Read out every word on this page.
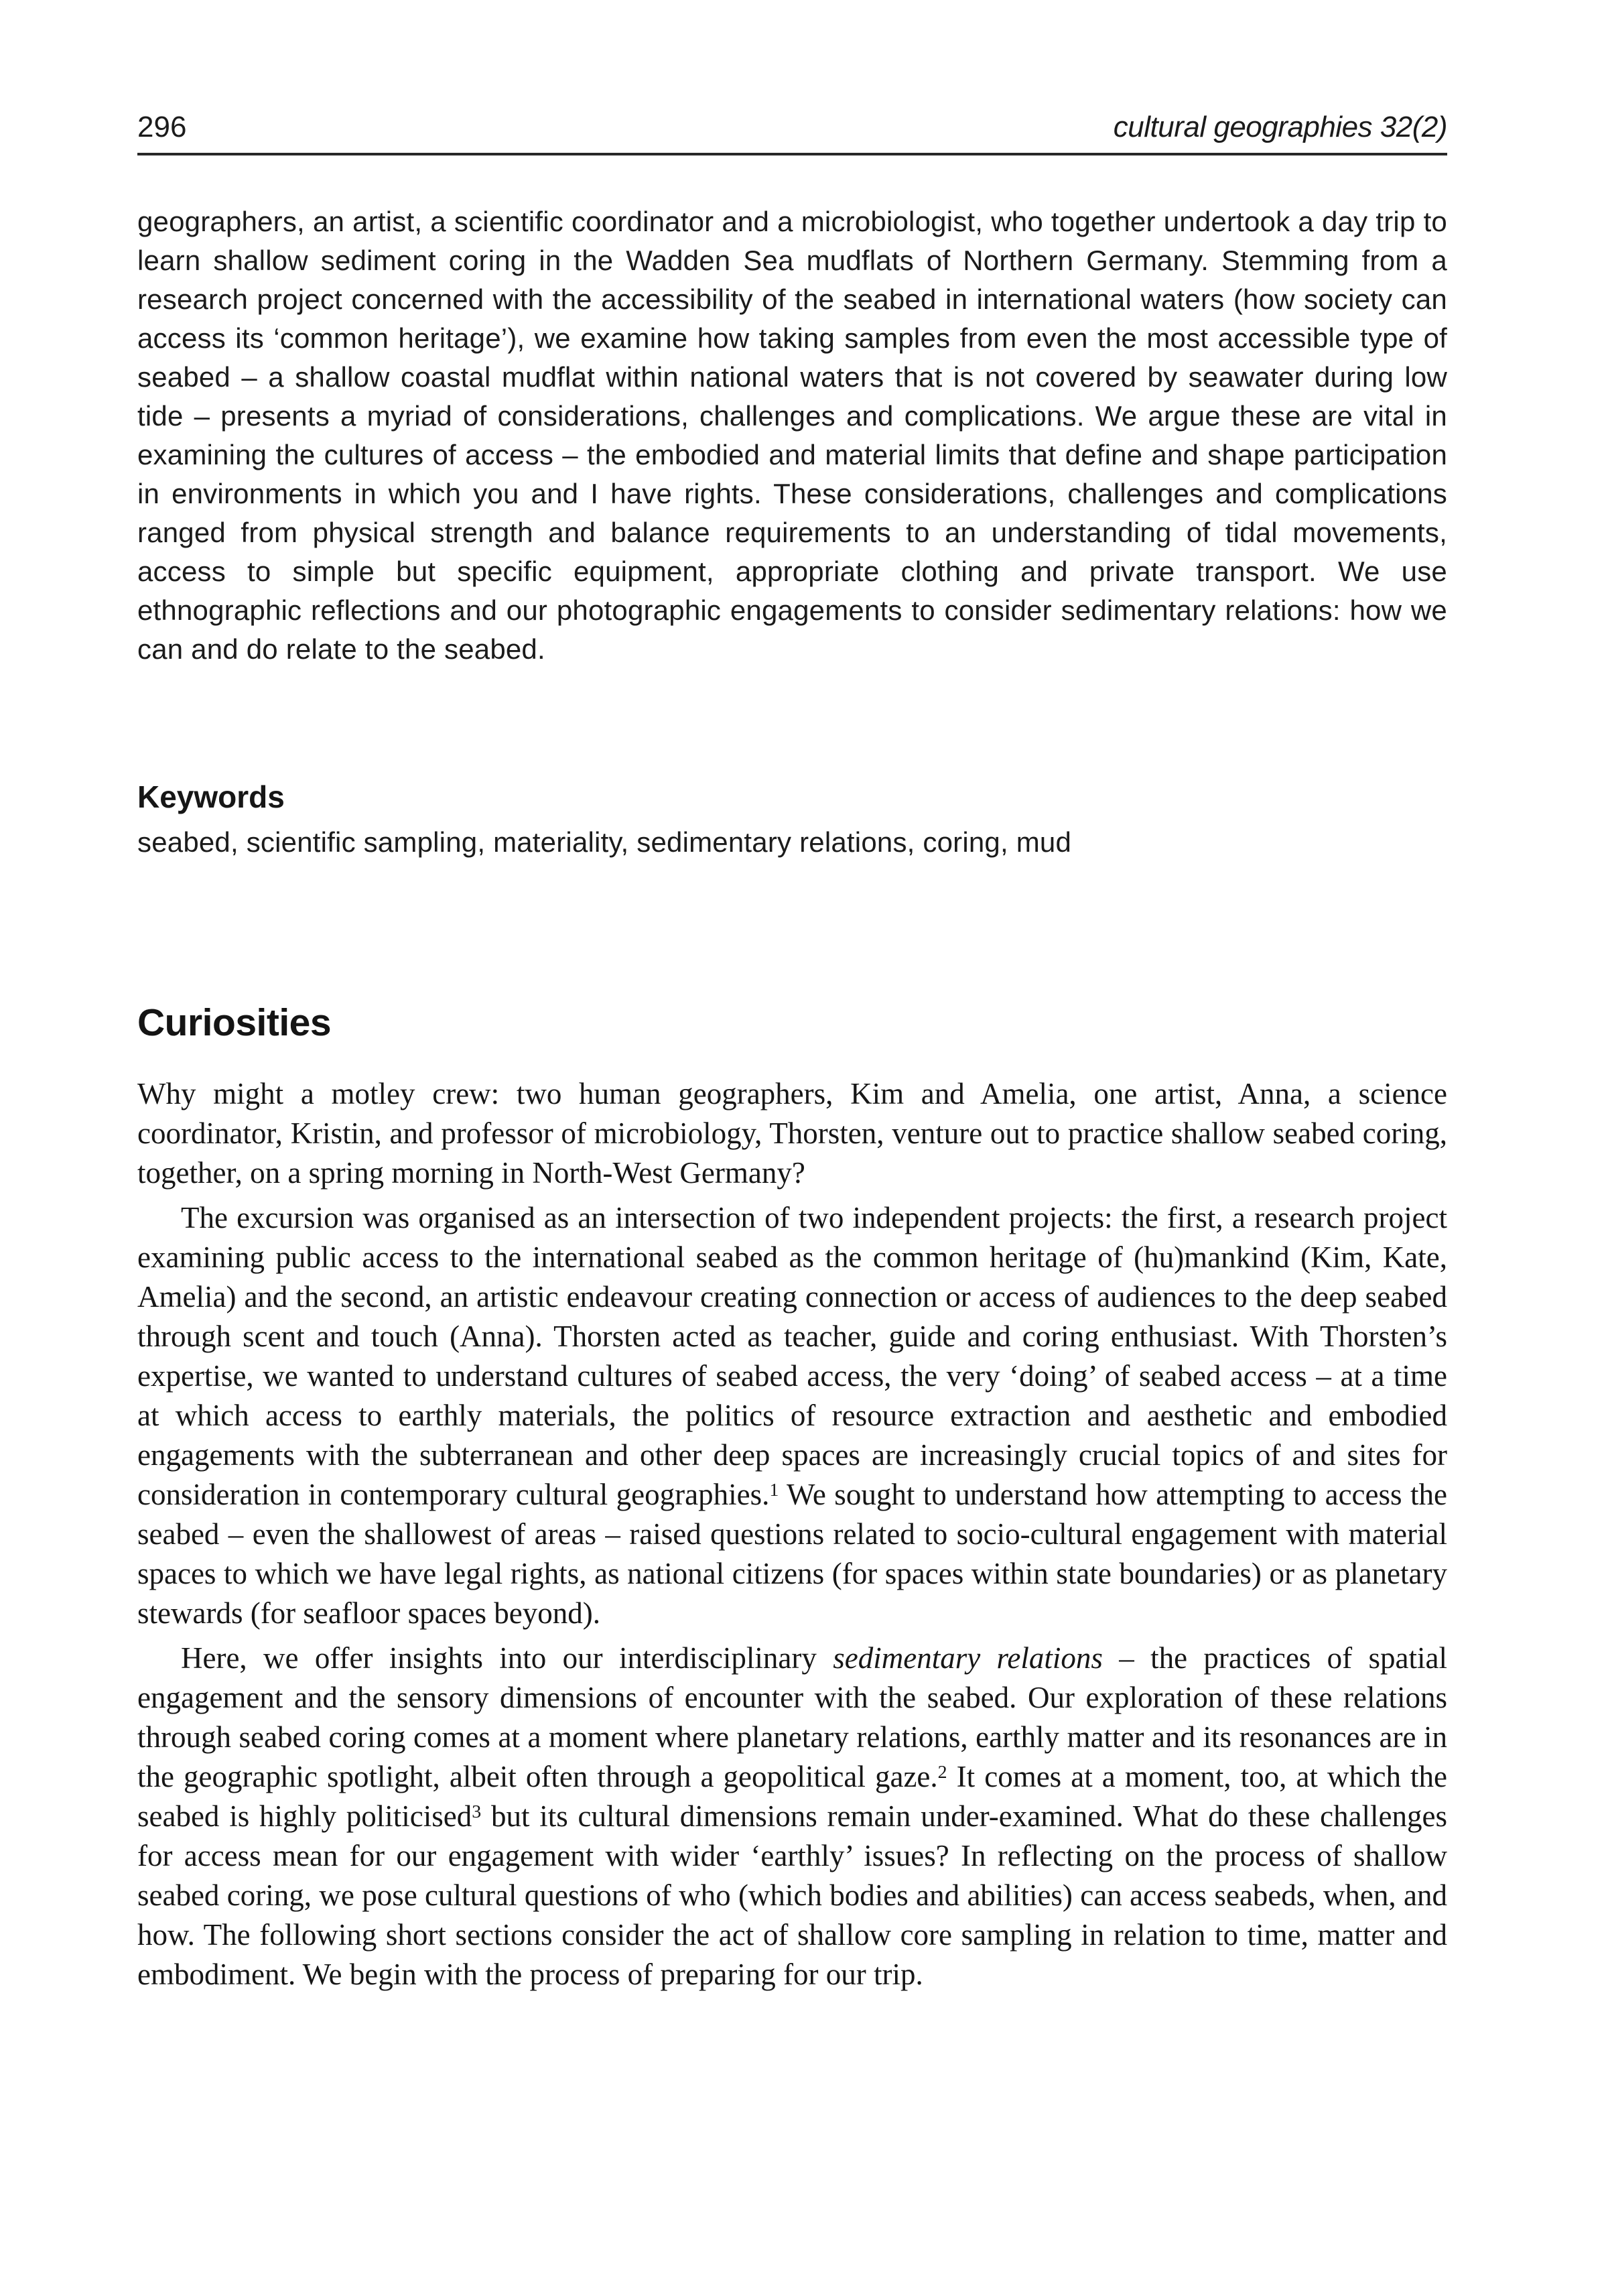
296	cultural geographies 32(2)

geographers, an artist, a scientific coordinator and a microbiologist, who together undertook a day trip to learn shallow sediment coring in the Wadden Sea mudflats of Northern Germany. Stemming from a research project concerned with the accessibility of the seabed in international waters (how society can access its ‘common heritage’), we examine how taking samples from even the most accessible type of seabed – a shallow coastal mudflat within national waters that is not covered by seawater during low tide – presents a myriad of considerations, challenges and complications. We argue these are vital in examining the cultures of access – the embodied and material limits that define and shape participation in environments in which you and I have rights. These considerations, challenges and complications ranged from physical strength and balance requirements to an understanding of tidal movements, access to simple but specific equipment, appropriate clothing and private transport. We use ethnographic reflections and our photographic engagements to consider sedimentary relations: how we can and do relate to the seabed.

Keywords

seabed, scientific sampling, materiality, sedimentary relations, coring, mud

Curiosities

Why might a motley crew: two human geographers, Kim and Amelia, one artist, Anna, a science coordinator, Kristin, and professor of microbiology, Thorsten, venture out to practice shallow seabed coring, together, on a spring morning in North-West Germany?

The excursion was organised as an intersection of two independent projects: the first, a research project examining public access to the international seabed as the common heritage of (hu)mankind (Kim, Kate, Amelia) and the second, an artistic endeavour creating connection or access of audiences to the deep seabed through scent and touch (Anna). Thorsten acted as teacher, guide and coring enthusiast. With Thorsten’s expertise, we wanted to understand cultures of seabed access, the very ‘doing’ of seabed access – at a time at which access to earthly materials, the politics of resource extraction and aesthetic and embodied engagements with the subterranean and other deep spaces are increasingly crucial topics of and sites for consideration in contemporary cultural geographies.$^1$ We sought to understand how attempting to access the seabed – even the shallowest of areas – raised questions related to socio-cultural engagement with material spaces to which we have legal rights, as national citizens (for spaces within state boundaries) or as planetary stewards (for seafloor spaces beyond).

Here, we offer insights into our interdisciplinary sedimentary relations – the practices of spatial engagement and the sensory dimensions of encounter with the seabed. Our exploration of these relations through seabed coring comes at a moment where planetary relations, earthly matter and its resonances are in the geographic spotlight, albeit often through a geopolitical gaze.$^2$ It comes at a moment, too, at which the seabed is highly politicised$^3$ but its cultural dimensions remain under-examined. What do these challenges for access mean for our engagement with wider ‘earthly’ issues? In reflecting on the process of shallow seabed coring, we pose cultural questions of who (which bodies and abilities) can access seabeds, when, and how. The following short sections consider the act of shallow core sampling in relation to time, matter and embodiment. We begin with the process of preparing for our trip.
